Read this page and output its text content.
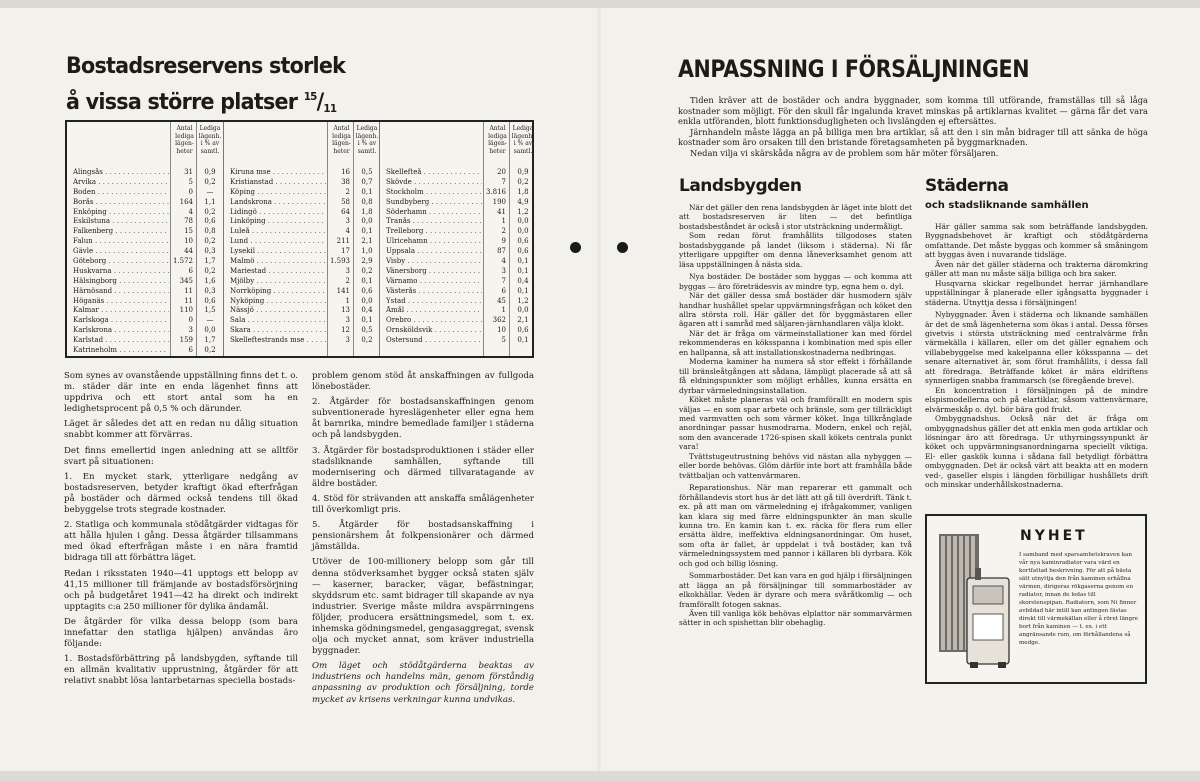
Bostadsreservens storlek
å vissa större platser $^{15}/_{11}$
Antal lediga lägen-heter
Lediga lägenh. i % av samtl.
Alingsås . . .	31	0,9
Arvika . . .	5	0,2
Boden . . .	0	—
Borås . . .	164	1,1
Enköping . . .	4	0,2
Eskilstuna . . .	78	0,6
Falkenberg . . .	15	0,8
Falun . . .	10	0,2
Gävle . . .	44	0,3
Göteborg . . .	1.572	1,7
Huskvarna . . .	6	0,2
Hälsingborg . . .	345	1,6
Härnösand . . .	11	0,3
Höganäs . . .	11	0,6
Kalmar . . .	110	1,5
Karlskoga . . .	0	—
Karlskrona . . .	3	0,0
Karlstad . . .	159	1,7
Katrineholm . . .	6	0,2
Antal lediga lägen-heter
Lediga lägenh. i % av samtl.
Kiruna mse . . .	16	0,5
Kristianstad . . .	38	0,7
Köping . . .	2	0,1
Landskrona . . .	58	0,8
Lidingö . . .	64	1,8
Linköping . . .	3	0,0
Luleå . . .	4	0,1
Lund . . .	211	2,1
Lysekil . . .	17	1,0
Malmö . . .	1.593	2,9
Mariestad . . .	3	0,2
Mjölby . . .	2	0,1
Norrköping . . .	141	0,6
Nyköping . . .	1	0,0
Nässjö . . .	13	0,4
Sala . . .	3	0,1
Skara . . .	12	0,5
Skelleftestrands mse . . .	3	0,2
Antal lediga lägen-heter
Lediga lägenh. i % av samtl.
Skellefteå . . .	20	0,9
Skövde . . .	7	0,2
Stockholm . . .	3.816	1,8
Sundbyberg . . .	190	4,9
Söderhamn . . .	41	1,2
Tranås . . .	1	0,0
Trelleborg . . .	2	0,0
Ulricehamn . . .	9	0,6
Uppsala . . .	87	0,6
Visby . . .	4	0,1
Vänersborg . . .	3	0,1
Värnamo . . .	7	0,4
Västerås . . .	6	0,1
Ystad . . .	45	1,2
Åmål . . .	1	0,0
Örebro . . .	362	2,1
Örnsköldsvik . . .	10	0,6
Östersund . . .	5	0,1

Som synes av ovanstående uppställning finns det t. o. m. städer där inte en enda lägenhet finns att uppdriva och ett stort antal som ha en ledighetsprocent på 0,5 % och därunder.

Läget är således det att en redan nu dålig situation snabbt kommer att förvärras.

Det finns emellertid ingen anledning att se alltför svart på situationen:

1. En mycket stark, ytterligare nedgång av bostadsreserven, betyder kraftigt ökad efterfrågan på bostäder och därmed också tendens till ökad bebyggelse trots stegrade kostnader.

2. Statliga och kommunala stödåtgärder vidtagas för att hålla hjulen i gång. Dessa åtgärder tillsammans med ökad efterfrågan måste i en nära framtid bidraga till att förbättra läget.

Redan i riksstaten 1940—41 upptogs ett belopp av 41,15 millioner till främjande av bostadsförsörjning och på budgetåret 1941—42 ha direkt och indirekt upptagits c:a 250 millioner för dylika ändamål.

De åtgärder för vilka dessa belopp (som bara innefattar den statliga hjälpen) användas äro följande:

1. Bostadsförbättring på landsbygden, syftande till en allmän kvalitativ upprustning, åtgärder för att relativt snabbt lösa lantarbetarnas speciella bostads-

problem genom stöd åt anskaffningen av fullgoda lönebostäder.

2. Åtgärder för bostadsanskaffningen genom subventionerade hyreslägenheter eller egna hem åt barnrika, mindre bemedlade familjer i städerna och på landsbygden.

3. Åtgärder för bostadsproduktionen i städer eller stadsliknande samhällen, syftande till modernisering och därmed tillvaratagande av äldre bostäder.

4. Stöd för strävanden att anskaffa smålägenheter till överkomligt pris.

5. Åtgärder för bostadsanskaffning i pensionärshem åt folkpensionärer och därmed jämställda.

Utöver de 100-millionery belopp som går till denna stödverksamhet bygger också staten själv — kaserner, baracker, vägar, befästningar, skyddsrum etc. samt bidrager till skapande av nya industrier. Sverige måste mildra avspärrningens följder, producera ersättningsmedel, som t. ex. inhemska gödningsmedel, gengasaggregat, svensk olja och mycket annat, som kräver industriella byggnader.

Om läget och stödåtgärderna beaktas av industriens och handelns män, genom förståndig anpassning av produktion och försäljning, torde mycket av krisens verkningar kunna undvikas.

ANPASSNING I FÖRSÄLJNINGEN

Tiden kräver att de bostäder och andra byggnader, som komma till utförande, framställas till så låga kostnader som möjligt. För den skull får ingalunda kravet minskas på artiklarnas kvalitet — gärna får det vara enkla utföranden, blott funktionsdugligheten och livslängden ej eftersättes.

Järnhandeln måste lägga an på billiga men bra artiklar, så att den i sin mån bidrager till att sänka de höga kostnader som äro orsaken till den bristande företagsamheten på byggmarknaden.

Nedan vilja vi skärskåda några av de problem som här möter försäljaren.

Landsbygden

När det gäller den rena landsbygden är läget inte blott det att bostadsreserven är liten — det befintliga bostadsbeståndet är också i stor utsträckning undermåligt.

Som redan förut framhållits tillgodoses staten bostadsbyggande på landet (liksom i städerna). Ni får ytterligare uppgifter om denna låneverksamhet genom att läsa uppställningen å nästa sida.

Nya bostäder. De bostäder som byggas — och komma att byggas — äro företrädesvis av mindre typ, egna hem o. dyl.

När det gäller dessa små bostäder där husmodern själv handhar hushållet spelar uppvärmningsfrågan och köket den allra största roll. Här gäller det för byggmästaren eller ägaren att i samråd med säljaren-järnhandlaren välja klokt.

När det är fråga om värmeinstallationer kan med fördel rekommenderas en köksspanna i kombination med spis eller en hallpanna, så att installationskostnaderna nedbringas.

Moderna kaminer ha numera så stor effekt i förhållande till bränsleåtgången att sådana, lämpligt placerade så att så få eldningspunkter som möjligt erhålles, kunna ersätta en dyrbar värmeledningsinstallation.

Köket måste planeras väl och framförallt en modern spis väljas — en som spar arbete och bränsle, som ger tillräckligt med varmvatten och som värmer köket. Inga tillkrånglade anordningar passar husmodrarna. Modern, enkel och rejäl, som den avancerade 1726-spisen skall kökets centrala punkt vara!

Tvättstugeutrustning behövs vid nästan alla nybyggen — eller borde behövas. Glöm därför inte bort att framhålla både tvättbaljan och vattenvärmaren.

Reparationshus. När man reparerar ett gammalt och förhållandevis stort hus är det lätt att gå till överdrift. Tänk t. ex. på att man om värmeledning ej ifrågakommer, vanligen kan klara sig med färre eldningspunkter än man skulle kunna tro. En kamin kan t. ex. räcka för flera rum eller ersätta äldre, ineffektiva eldningsanordningar. Om huset, som ofta är fallet, är uppdelat i två bostäder, kan två värmeledningssystem med pannor i källaren bli dyrbara. Kök och god och billig lösning.

Sommarbostäder. Det kan vara en god hjälp i försäljningen att lägga an på försäljningar till sommarbostäder av elkokhällar. Veden är dyrare och mera svåråtkomlig — och framförallt fotogen saknas.

Även till vanliga kök behövas elplattor när sommarvärmen sätter in och spishettan blir obehaglig.

Städerna
och stadsliknande samhällen

Här gäller samma sak som beträffande landsbygden. Byggnadsbehovet är kraftigt och stödåtgärderna omfattande. Det måste byggas och kommer så småningom att byggas även i nuvarande tidsläge.

Även när det gäller städerna och trakterna däromkring gäller att man nu måste sälja billiga och bra saker.

Husqvarna skickar regelbundet herrar järnhandlare uppställningar å planerade eller igångsatta byggnader i städerna. Utnyttja dessa i försäljningen!

Nybyggnader. Även i städerna och liknande samhällen är det de små lägenheterna som ökas i antal. Dessa förses givetvis i största utsträckning med centralvärme från värmekälla i källaren, eller om det gäller egnahem och villabebyggelse med kakelpanna eller köksspanna — det senare alternativet är, som förut framhållits, i dessa fall att föredraga. Beträffande köket är mära eldriftens synnerligen snabba frammarsch (se föregående breve).

En koncentration i försäljningen på de mindre elspismodellerna och på elartiklar, såsom vattenvärmare, elvärmeskåp o. dyl. bör bära god frukt.

Ombyggnadshus. Också när det är fråga om ombyggnadshus gäller det att enkla men goda artiklar och lösningar äro att föredraga. Ur uthyrningssynpunkt är köket och uppvärmningsanordningarna speciellt viktiga. El- eller gaskök kunna i sådana fall betydligt förbättra ombyggnaden. Det är också värt att beakta att en modern ved-, gaseller elspis i längden förbilligar hushållets drift och minskar underhållskostnaderna.

NYHET
I samband med sparsamhetskraven kan vår nya kaminradiator vara värd en kortfattad beskrivning. För att på bästa sätt utnyttja den från kaminen erhållna värmen, dirigeras rökgaserna genom en radiator, innan de ledas till skorstenspipan. Radiatorn, som Ni finner avbildad här intill kan antingen fästas direkt till värmekällan eller å röret längre bort från kaminen — t. ex. i ett angränsande rum, om förhållandena så medge.
